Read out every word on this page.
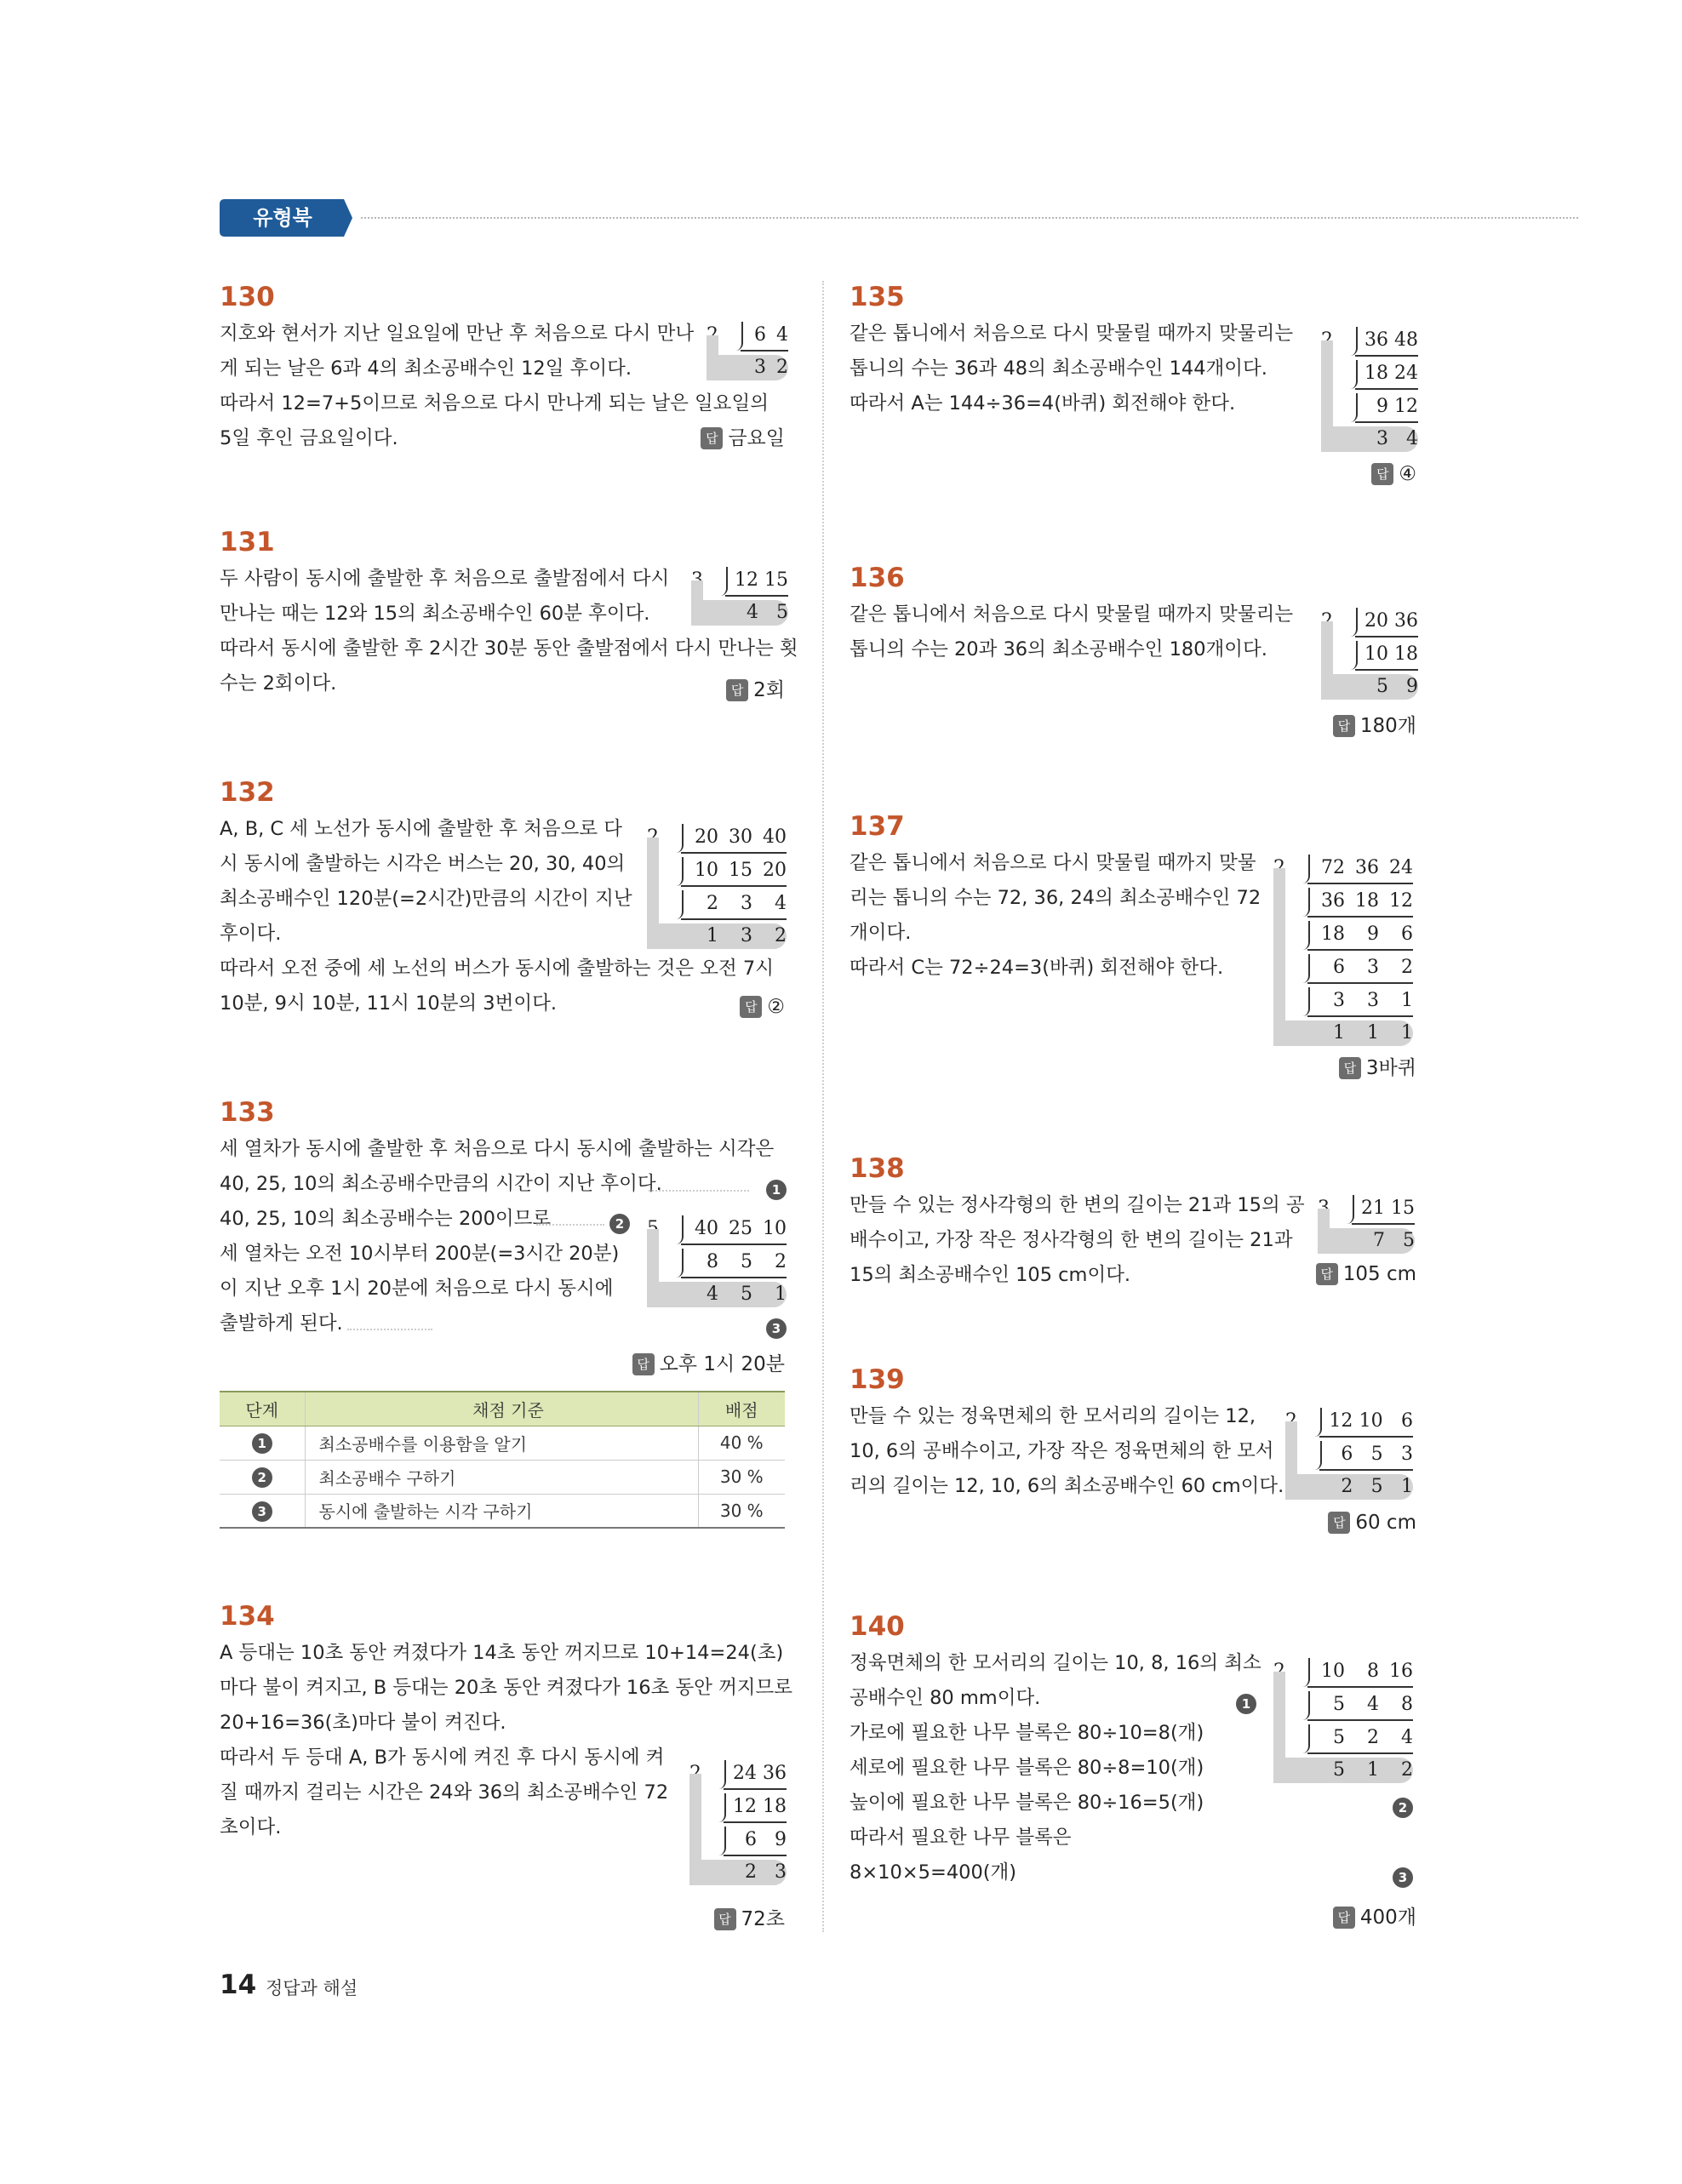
유형북
130

지호와 현서가 지난 일요일에 만난 후 처음으로 다시 만나

게 되는 날은 6과 4의 최소공배수인 12일 후이다.

따라서 12=7+5이므로 처음으로 다시 만나게 되는 날은 일요일의

5일 후인 금요일이다.

6 4
3 2
답 금요일
131

두 사람이 동시에 출발한 후 처음으로 출발점에서 다시

만나는 때는 12와 15의 최소공배수인 60분 후이다.

따라서 동시에 출발한 후 2시간 30분 동안 출발점에서 다시 만나는 횟

수는 2회이다.

12 15
4 5
답 2회
132

A, B, C 세 노선가 동시에 출발한 후 처음으로 다

시 동시에 출발하는 시각은 버스는 20, 30, 40의

최소공배수인 120분(=2시간)만큼의 시간이 지난

후이다.

따라서 오전 중에 세 노선의 버스가 동시에 출발하는 것은 오전 7시

10분, 9시 10분, 11시 10분의 3번이다.

20 30 40
10 15 20
2	3	4
1	3	2
답 ②
133

세 열차가 동시에 출발한 후 처음으로 다시 동시에 출발하는 시각은

40, 25, 10의 최소공배수만큼의 시간이 지난 후이다.

40, 25, 10의 최소공배수는 200이므로

세 열차는 오전 10시부터 200분(=3시간 20분)

이 지난 오후 1시 20분에 처음으로 다시 동시에

출발하게 된다.

1
2	40 25 10
8	5	2
4	5	1
3
답 오후 1시 20분
단계	채점 기준	배점
1	최소공배수를 이용함을 알기	40 %
2	최소공배수 구하기	30 %
3	동시에 출발하는 시각 구하기	30 %
134

A 등대는 10초 동안 켜졌다가 14초 동안 꺼지므로 10+14=24(초)

마다 불이 켜지고, B 등대는 20초 동안 켜졌다가 16초 동안 꺼지므로

20+16=36(초)마다 불이 켜진다.

따라서 두 등대 A, B가 동시에 켜진 후 다시 동시에 켜

질 때까지 걸리는 시간은 24와 36의 최소공배수인 72

초이다.

24 36
12 18
6 9
2 3
답 72초
135

같은 톱니에서 처음으로 다시 맞물릴 때까지 맞물리는

톱니의 수는 36과 48의 최소공배수인 144개이다.

따라서 A는 144÷36=4(바퀴) 회전해야 한다.

36 48
18 24
9 12
3 4
답 ④
136

같은 톱니에서 처음으로 다시 맞물릴 때까지 맞물리는

톱니의 수는 20과 36의 최소공배수인 180개이다.

20 36
10 18
5 9
답 180개
137

같은 톱니에서 처음으로 다시 맞물릴 때까지 맞물

리는 톱니의 수는 72, 36, 24의 최소공배수인 72

개이다.

따라서 C는 72÷24=3(바퀴) 회전해야 한다.

72 36 24
36 18 12
18	9	6
6	3	2
3	3	1
1	1	1
답 3바퀴
138

만들 수 있는 정사각형의 한 변의 길이는 21과 15의 공

배수이고, 가장 작은 정사각형의 한 변의 길이는 21과

15의 최소공배수인 105 cm이다.

21 15
7 5
답 105 cm
139

만들 수 있는 정육면체의 한 모서리의 길이는 12,

10, 6의 공배수이고, 가장 작은 정육면체의 한 모서

리의 길이는 12, 10, 6의 최소공배수인 60 cm이다.

12 10 6
6 5 3
2 5 1
답 60 cm
140

정육면체의 한 모서리의 길이는 10, 8, 16의 최소

공배수인 80 mm이다.

가로에 필요한 나무 블록은 80÷10=8(개)

세로에 필요한 나무 블록은 80÷8=10(개)

높이에 필요한 나무 블록은 80÷16=5(개)

따라서 필요한 나무 블록은

8×10×5=400(개)

1
10	8 16
5	4	8
5	2	4
5	1	2
2
3
답 400개
14 정답과 해설
